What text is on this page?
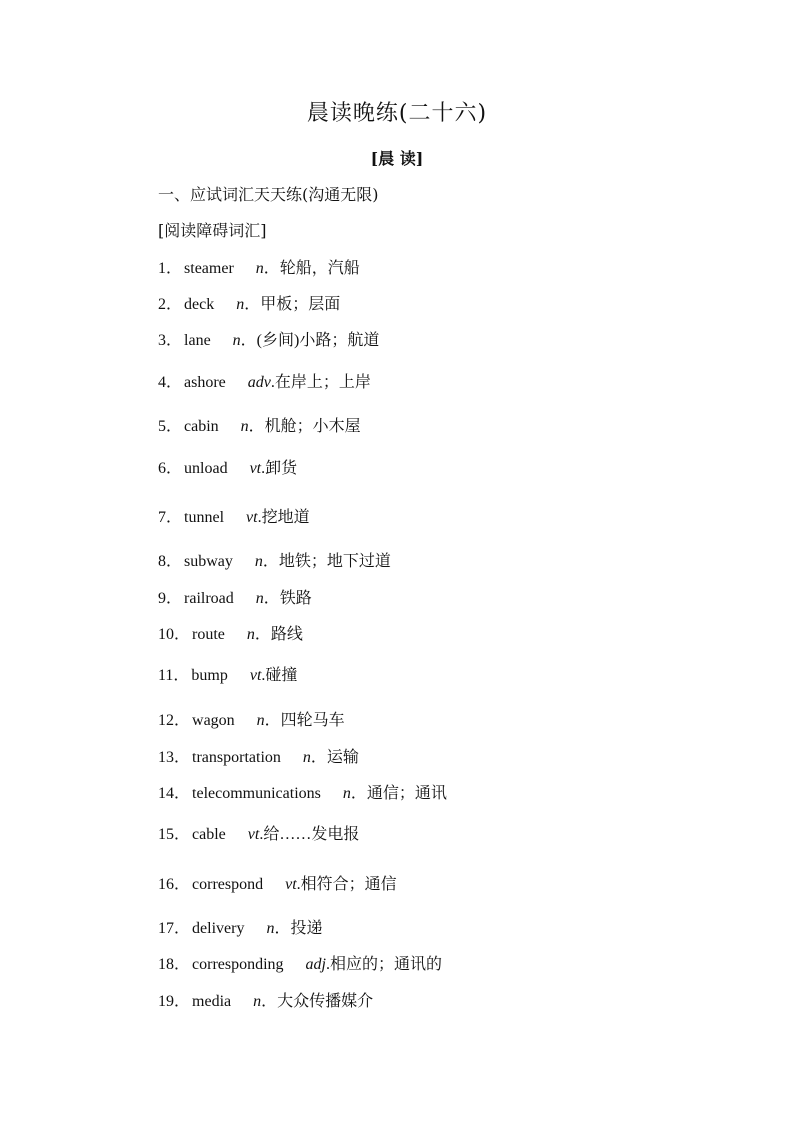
晨读晚练(二十六)
[晨 读]
一、应试词汇天天练(沟通无限)
[阅读障碍词汇]
1． steamer n．轮船，汽船
2． deck n．甲板；层面
3． lane n．(乡间)小路；航道
4． ashore adv.在岸上；上岸
5． cabin n．机舱；小木屋
6． unload vt.卸货
7． tunnel vt.挖地道
8． subway n．地铁；地下过道
9． railroad n．铁路
10． route n．路线
11． bump vt.碰撞
12． wagon n．四轮马车
13． transportation n．运输
14． telecommunications n．通信；通讯
15． cable vt.给……发电报
16． correspond vt.相符合；通信
17． delivery n．投递
18． corresponding adj.相应的；通讯的
19． media n．大众传播媒介
